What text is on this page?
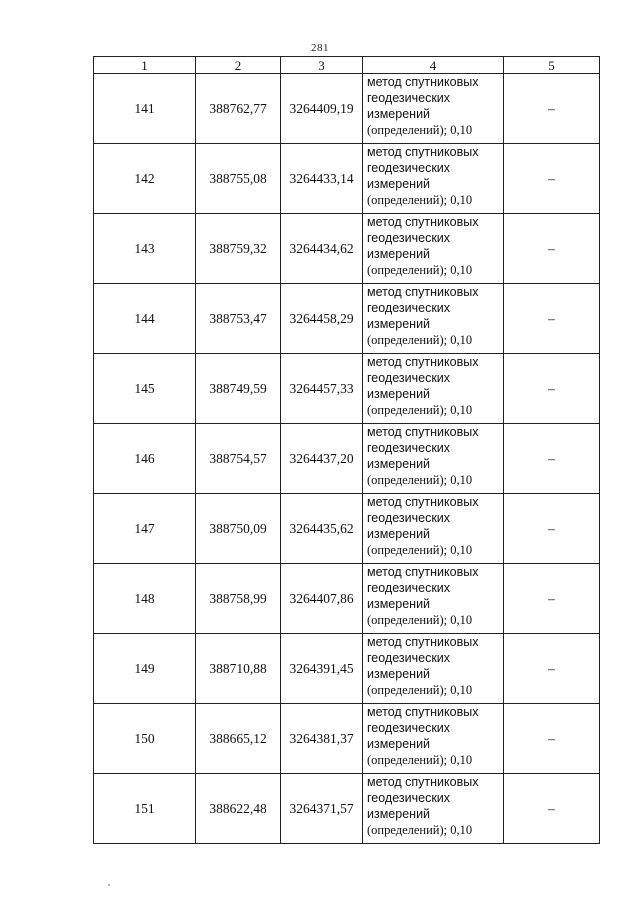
281
1	2	3	4	5
141	388762,77	3264409,19	метод спутниковых
геодезических
измерений
(определений); 0,10	–
142	388755,08	3264433,14	метод спутниковых
геодезических
измерений
(определений); 0,10	–
143	388759,32	3264434,62	метод спутниковых
геодезических
измерений
(определений); 0,10	–
144	388753,47	3264458,29	метод спутниковых
геодезических
измерений
(определений); 0,10	–
145	388749,59	3264457,33	метод спутниковых
геодезических
измерений
(определений); 0,10	–
146	388754,57	3264437,20	метод спутниковых
геодезических
измерений
(определений); 0,10	–
147	388750,09	3264435,62	метод спутниковых
геодезических
измерений
(определений); 0,10	–
148	388758,99	3264407,86	метод спутниковых
геодезических
измерений
(определений); 0,10	–
149	388710,88	3264391,45	метод спутниковых
геодезических
измерений
(определений); 0,10	–
150	388665,12	3264381,37	метод спутниковых
геодезических
измерений
(определений); 0,10	–
151	388622,48	3264371,57	метод спутниковых
геодезических
измерений
(определений); 0,10	–
